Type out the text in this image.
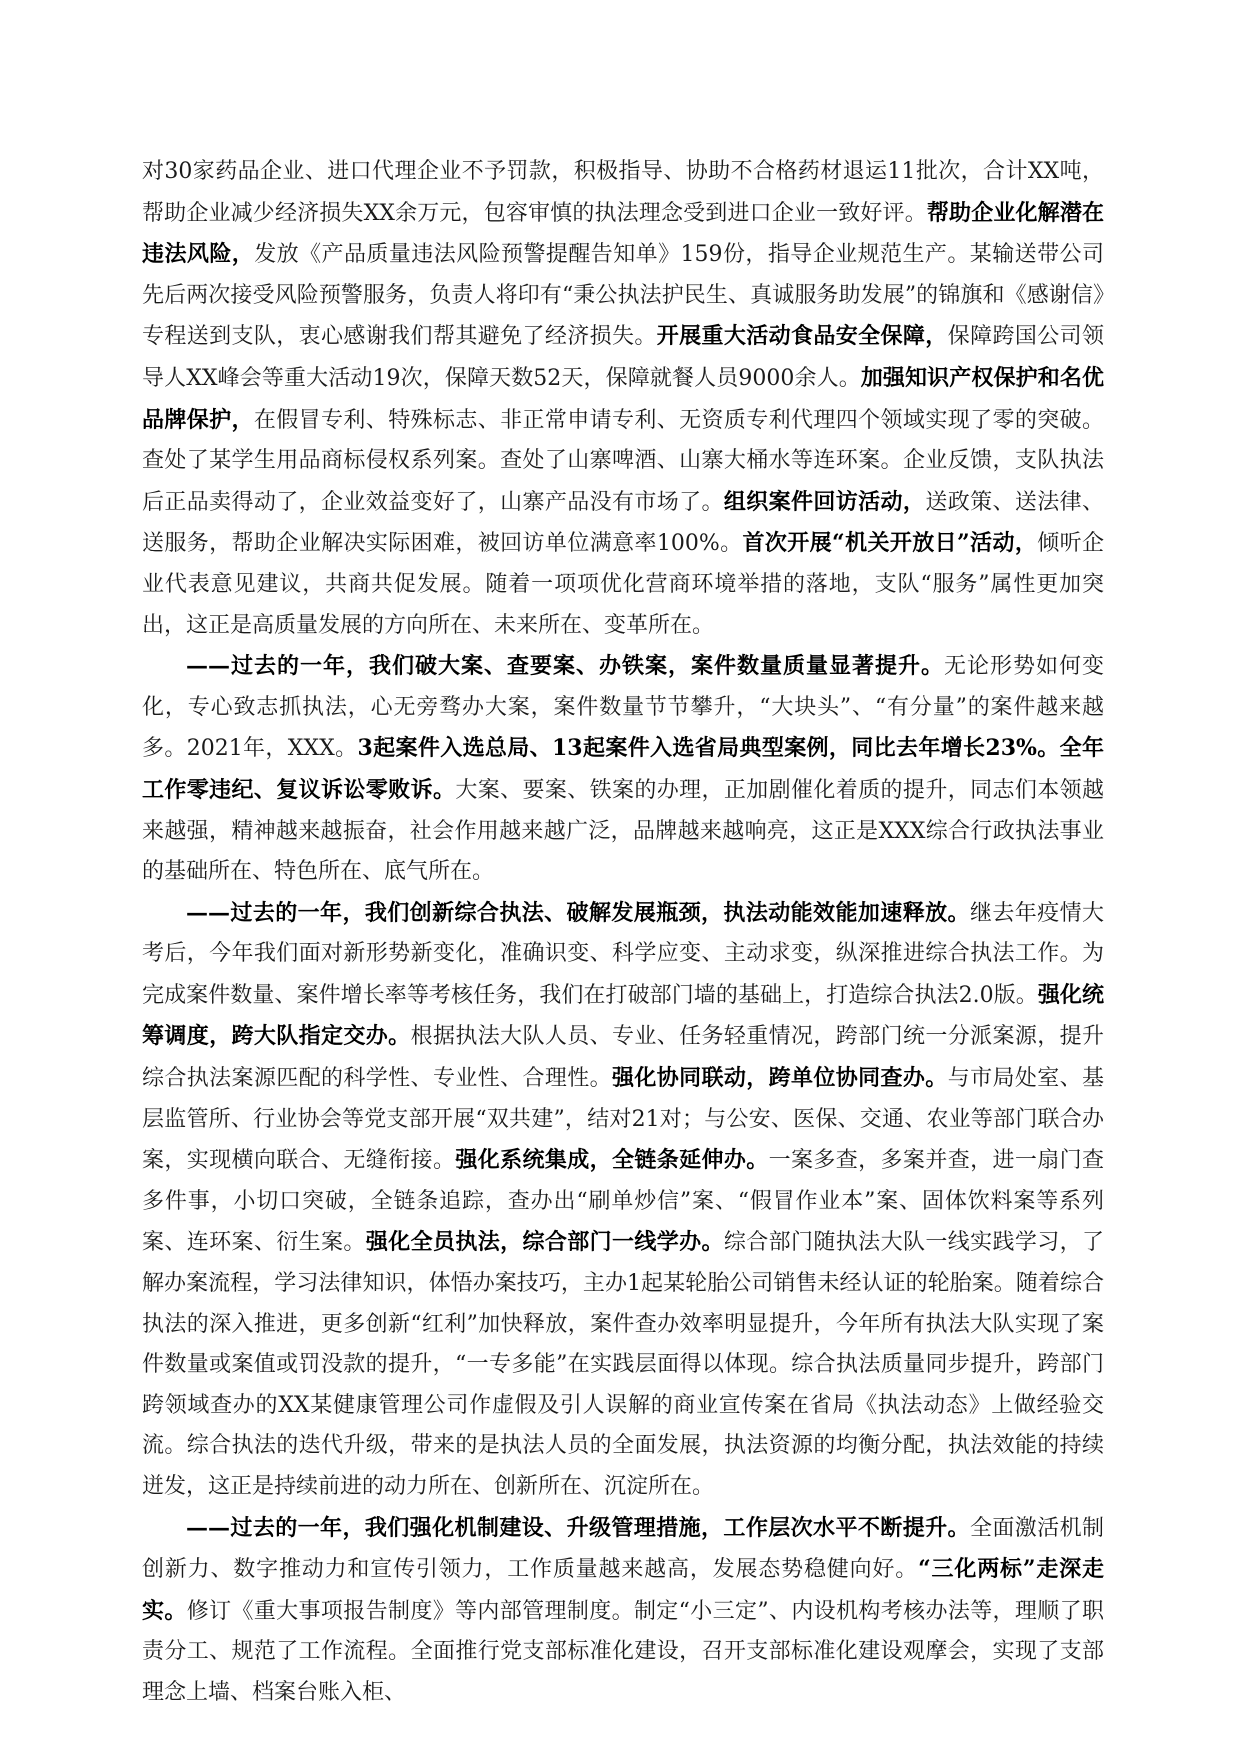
对30家药品企业、进口代理企业不予罚款，积极指导、协助不合格药材退运11批次，合计XX吨，帮助企业减少经济损失XX余万元，包容审慎的执法理念受到进口企业一致好评。帮助企业化解潜在违法风险，发放《产品质量违法风险预警提醒告知单》159份，指导企业规范生产。某输送带公司先后两次接受风险预警服务，负责人将印有“秉公执法护民生、真诚服务助发展”的锦旗和《感谢信》专程送到支队，衷心感谢我们帮其避免了经济损失。开展重大活动食品安全保障，保障跨国公司领导人XX峰会等重大活动19次，保障天数52天，保障就餐人员9000余人。加强知识产权保护和名优品牌保护，在假冒专利、特殊标志、非正常申请专利、无资质专利代理四个领域实现了零的突破。查处了某学生用品商标侵权系列案。查处了山寨啤酒、山寨大桶水等连环案。企业反馈，支队执法后正品卖得动了，企业效益变好了，山寨产品没有市场了。组织案件回访活动，送政策、送法律、送服务，帮助企业解决实际困难，被回访单位满意率100%。首次开展“机关开放日”活动，倾听企业代表意见建议，共商共促发展。随着一项项优化营商环境举措的落地，支队“服务”属性更加突出，这正是高质量发展的方向所在、未来所在、变革所在。

——过去的一年，我们破大案、查要案、办铁案，案件数量质量显著提升。无论形势如何变化，专心致志抓执法，心无旁骛办大案，案件数量节节攀升，“大块头”、“有分量”的案件越来越多。2021年，XXX。3起案件入选总局、13起案件入选省局典型案例，同比去年增长23%。全年工作零违纪、复议诉讼零败诉。大案、要案、铁案的办理，正加剧催化着质的提升，同志们本领越来越强，精神越来越振奋，社会作用越来越广泛，品牌越来越响亮，这正是XXX综合行政执法事业的基础所在、特色所在、底气所在。

——过去的一年，我们创新综合执法、破解发展瓶颈，执法动能效能加速释放。继去年疫情大考后，今年我们面对新形势新变化，准确识变、科学应变、主动求变，纵深推进综合执法工作。为完成案件数量、案件增长率等考核任务，我们在打破部门墙的基础上，打造综合执法2.0版。强化统筹调度，跨大队指定交办。根据执法大队人员、专业、任务轻重情况，跨部门统一分派案源，提升综合执法案源匹配的科学性、专业性、合理性。强化协同联动，跨单位协同查办。与市局处室、基层监管所、行业协会等党支部开展“双共建”，结对21对；与公安、医保、交通、农业等部门联合办案，实现横向联合、无缝衔接。强化系统集成，全链条延伸办。一案多查，多案并查，进一扇门查多件事，小切口突破，全链条追踪，查办出“刷单炒信”案、“假冒作业本”案、固体饮料案等系列案、连环案、衍生案。强化全员执法，综合部门一线学办。综合部门随执法大队一线实践学习，了解办案流程，学习法律知识，体悟办案技巧，主办1起某轮胎公司销售未经认证的轮胎案。随着综合执法的深入推进，更多创新“红利”加快释放，案件查办效率明显提升，今年所有执法大队实现了案件数量或案值或罚没款的提升，“一专多能”在实践层面得以体现。综合执法质量同步提升，跨部门跨领域查办的XX某健康管理公司作虚假及引人误解的商业宣传案在省局《执法动态》上做经验交流。综合执法的迭代升级，带来的是执法人员的全面发展，执法资源的均衡分配，执法效能的持续迸发，这正是持续前进的动力所在、创新所在、沉淀所在。

——过去的一年，我们强化机制建设、升级管理措施，工作层次水平不断提升。全面激活机制创新力、数字推动力和宣传引领力，工作质量越来越高，发展态势稳健向好。“三化两标”走深走实。修订《重大事项报告制度》等内部管理制度。制定“小三定”、内设机构考核办法等，理顺了职责分工、规范了工作流程。全面推行党支部标准化建设，召开支部标准化建设观摩会，实现了支部理念上墙、档案台账入柜、
